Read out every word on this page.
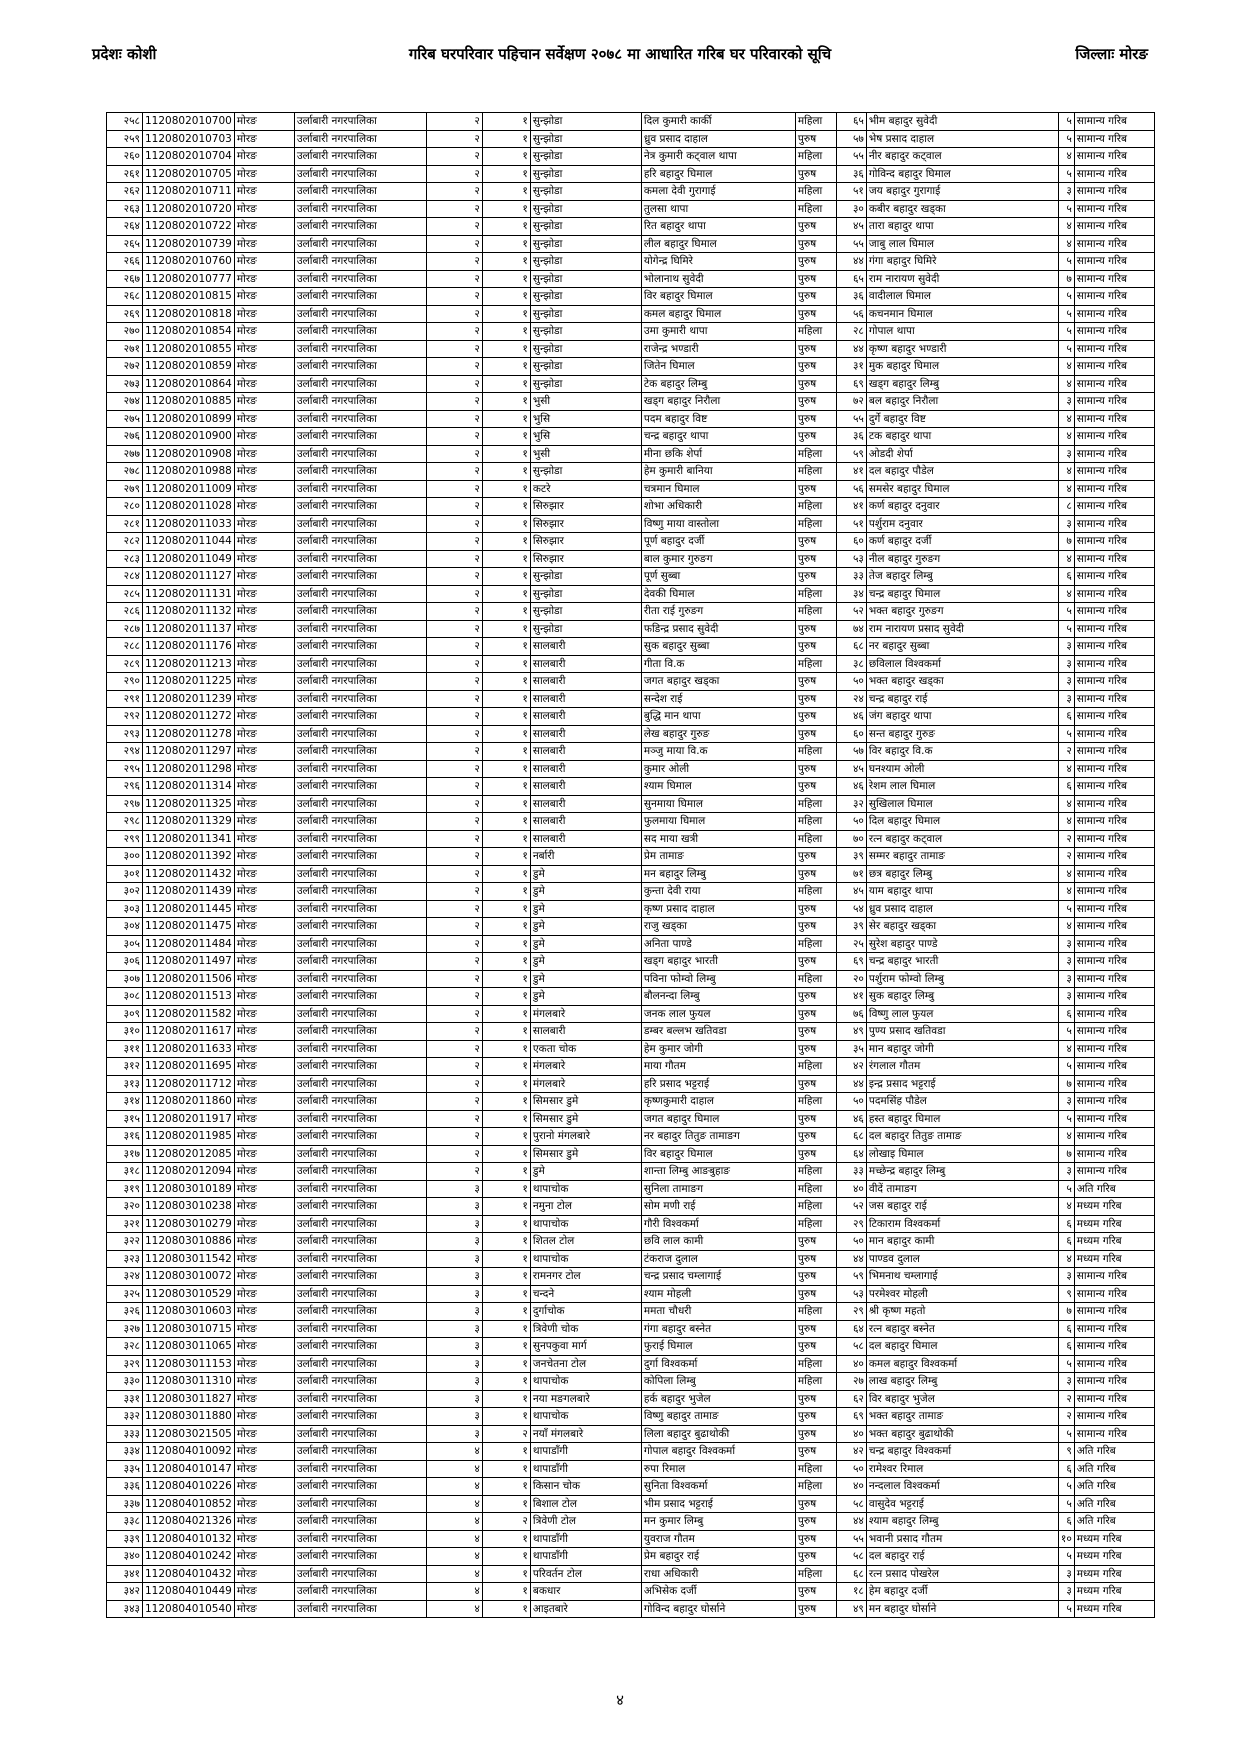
प्रदेशः कोशी	गरिब घरपरिवार पहिचान सर्वेक्षण २०७८ मा आधारित गरिब घर परिवारको सूचि	जिल्लाः मोरङ
२५८	1120802010700	मोरङ	उर्लाबारी नगरपालिका	२	१	सुन्झोडा	दिल कुमारी कार्की	महिला	६५	भीम बहादुर सुवेदी	५	सामान्य गरिब
२५९	1120802010703	मोरङ	उर्लाबारी नगरपालिका	२	१	सुन्झोडा	ध्रुव प्रसाद दाहाल	पुरुष	५७	भेष प्रसाद दाहाल	५	सामान्य गरिब
२६०	1120802010704	मोरङ	उर्लाबारी नगरपालिका	२	१	सुन्झोडा	नेत्र कुमारी कट्वाल थापा	महिला	५५	नीर बहादुर कट्वाल	४	सामान्य गरिब
२६१	1120802010705	मोरङ	उर्लाबारी नगरपालिका	२	१	सुन्झोडा	हरि बहादुर घिमाल	पुरुष	३६	गोविन्द बहादुर घिमाल	५	सामान्य गरिब
२६२	1120802010711	मोरङ	उर्लाबारी नगरपालिका	२	१	सुन्झोडा	कमला देवी गुरागाई	महिला	५१	जय बहादुर गुरागाई	३	सामान्य गरिब
२६३	1120802010720	मोरङ	उर्लाबारी नगरपालिका	२	१	सुन्झोडा	तुलसा थापा	महिला	३०	कबीर बहादुर खड्का	५	सामान्य गरिब
२६४	1120802010722	मोरङ	उर्लाबारी नगरपालिका	२	१	सुन्झोडा	रित बहादुर थापा	पुरुष	४५	तारा बहादुर थापा	४	सामान्य गरिब
२६५	1120802010739	मोरङ	उर्लाबारी नगरपालिका	२	१	सुन्झोडा	लील बहादुर घिमाल	पुरुष	५५	जाबु लाल घिमाल	४	सामान्य गरिब
२६६	1120802010760	मोरङ	उर्लाबारी नगरपालिका	२	१	सुन्झोडा	योगेन्द्र घिमिरे	पुरुष	४४	गंगा बहादुर घिमिरे	५	सामान्य गरिब
२६७	1120802010777	मोरङ	उर्लाबारी नगरपालिका	२	१	सुन्झोडा	भोलानाथ सुवेदी	पुरुष	६५	राम नारायण सुवेदी	७	सामान्य गरिब
२६८	1120802010815	मोरङ	उर्लाबारी नगरपालिका	२	१	सुन्झोडा	विर बहादुर घिमाल	पुरुष	३६	वादीलाल घिमाल	५	सामान्य गरिब
२६९	1120802010818	मोरङ	उर्लाबारी नगरपालिका	२	१	सुन्झोडा	कमल बहादुर घिमाल	पुरुष	५६	कचनमान घिमाल	५	सामान्य गरिब
२७०	1120802010854	मोरङ	उर्लाबारी नगरपालिका	२	१	सुन्झोडा	उमा कुमारी थापा	महिला	२८	गोपाल थापा	५	सामान्य गरिब
२७१	1120802010855	मोरङ	उर्लाबारी नगरपालिका	२	१	सुन्झोडा	राजेन्द्र भण्डारी	पुरुष	४४	कृष्ण बहादुर भण्डारी	५	सामान्य गरिब
२७२	1120802010859	मोरङ	उर्लाबारी नगरपालिका	२	१	सुन्झोडा	जितेन घिमाल	पुरुष	३१	मुक बहादुर घिमाल	४	सामान्य गरिब
२७३	1120802010864	मोरङ	उर्लाबारी नगरपालिका	२	१	सुन्झोडा	टेक बहादुर लिम्बु	पुरुष	६९	खड्ग बहादुर लिम्बु	४	सामान्य गरिब
२७४	1120802010885	मोरङ	उर्लाबारी नगरपालिका	२	१	भुसी	खड्ग बहादुर निरौला	पुरुष	७२	बल बहादुर निरौला	३	सामान्य गरिब
२७५	1120802010899	मोरङ	उर्लाबारी नगरपालिका	२	१	भुसि	पदम बहादुर विष्ट	पुरुष	५५	दुर्गे बहादुर विष्ट	४	सामान्य गरिब
२७६	1120802010900	मोरङ	उर्लाबारी नगरपालिका	२	१	भुसि	चन्द्र बहादुर थापा	पुरुष	३६	टक बहादुर थापा	४	सामान्य गरिब
२७७	1120802010908	मोरङ	उर्लाबारी नगरपालिका	२	१	भुसी	मीना छकि शेर्पा	महिला	५९	ओडदी शेर्पा	३	सामान्य गरिब
२७८	1120802010988	मोरङ	उर्लाबारी नगरपालिका	२	१	सुन्झोडा	हेम कुमारी बानिया	महिला	४१	दल बहादुर पौडेल	४	सामान्य गरिब
२७९	1120802011009	मोरङ	उर्लाबारी नगरपालिका	२	१	कटरे	चत्रमान घिमाल	पुरुष	५६	समसेर बहादुर घिमाल	४	सामान्य गरिब
२८०	1120802011028	मोरङ	उर्लाबारी नगरपालिका	२	१	सिरुझार	शोभा अधिकारी	महिला	४१	कर्ण बहादुर दनुवार	८	सामान्य गरिब
२८१	1120802011033	मोरङ	उर्लाबारी नगरपालिका	२	१	सिरुझार	विष्णु माया वास्तोला	महिला	५१	पर्शुराम दनुवार	३	सामान्य गरिब
२८२	1120802011044	मोरङ	उर्लाबारी नगरपालिका	२	१	सिरुझार	पूर्ण बहादुर दर्जी	पुरुष	६०	कर्ण बहादुर दर्जी	७	सामान्य गरिब
२८३	1120802011049	मोरङ	उर्लाबारी नगरपालिका	२	१	सिरुझार	बाल कुमार गुरुङग	पुरुष	५३	नील बहादुर गुरुङग	४	सामान्य गरिब
२८४	1120802011127	मोरङ	उर्लाबारी नगरपालिका	२	१	सुन्झोडा	पूर्ण सुब्बा	पुरुष	३३	तेज बहादुर लिम्बु	६	सामान्य गरिब
२८५	1120802011131	मोरङ	उर्लाबारी नगरपालिका	२	१	सुन्झोडा	देवकी घिमाल	महिला	३४	चन्द्र बहादुर घिमाल	४	सामान्य गरिब
२८६	1120802011132	मोरङ	उर्लाबारी नगरपालिका	२	१	सुन्झोडा	रीता राई गुरुङग	महिला	५२	भक्त बहादुर गुरुङग	५	सामान्य गरिब
२८७	1120802011137	मोरङ	उर्लाबारी नगरपालिका	२	१	सुन्झोडा	फडिन्द्र प्रसाद सुवेदी	पुरुष	७४	राम नारायण प्रसाद सुवेदी	५	सामान्य गरिब
२८८	1120802011176	मोरङ	उर्लाबारी नगरपालिका	२	१	सालबारी	सुक बहादुर सुब्बा	पुरुष	६८	नर बहादुर सुब्बा	३	सामान्य गरिब
२८९	1120802011213	मोरङ	उर्लाबारी नगरपालिका	२	१	सालबारी	गीता वि.क	महिला	३८	छविलाल विश्वकर्मा	३	सामान्य गरिब
२९०	1120802011225	मोरङ	उर्लाबारी नगरपालिका	२	१	सालबारी	जगत बहादुर खड्का	पुरुष	५०	भक्त बहादुर खड्का	३	सामान्य गरिब
२९१	1120802011239	मोरङ	उर्लाबारी नगरपालिका	२	१	सालबारी	सन्देश राई	पुरुष	२४	चन्द्र बहादुर राई	३	सामान्य गरिब
२९२	1120802011272	मोरङ	उर्लाबारी नगरपालिका	२	१	सालबारी	बुद्धि मान थापा	पुरुष	४६	जंग बहादुर थापा	६	सामान्य गरिब
२९३	1120802011278	मोरङ	उर्लाबारी नगरपालिका	२	१	सालबारी	लेख बहादुर गुरुङ	पुरुष	६०	सन्त बहादुर गुरुङ	५	सामान्य गरिब
२९४	1120802011297	मोरङ	उर्लाबारी नगरपालिका	२	१	सालबारी	मञ्जु माया वि.क	महिला	५७	विर बहादुर वि.क	२	सामान्य गरिब
२९५	1120802011298	मोरङ	उर्लाबारी नगरपालिका	२	१	सालबारी	कुमार ओली	पुरुष	४५	घनश्याम ओली	४	सामान्य गरिब
२९६	1120802011314	मोरङ	उर्लाबारी नगरपालिका	२	१	सालबारी	श्याम घिमाल	पुरुष	४६	रेशम लाल घिमाल	६	सामान्य गरिब
२९७	1120802011325	मोरङ	उर्लाबारी नगरपालिका	२	१	सालबारी	सुनमाया घिमाल	महिला	३२	सुखिलाल घिमाल	४	सामान्य गरिब
२९८	1120802011329	मोरङ	उर्लाबारी नगरपालिका	२	१	सालबारी	फुलमाया घिमाल	महिला	५०	दिल बहादुर घिमाल	४	सामान्य गरिब
२९९	1120802011341	मोरङ	उर्लाबारी नगरपालिका	२	१	सालबारी	सद माया खत्री	महिला	७०	रत्न बहादुर कट्वाल	२	सामान्य गरिब
३००	1120802011392	मोरङ	उर्लाबारी नगरपालिका	२	१	नर्बारी	प्रेम तामाङ	पुरुष	३९	सम्मर बहादुर तामाङ	२	सामान्य गरिब
३०१	1120802011432	मोरङ	उर्लाबारी नगरपालिका	२	१	डुमे	मन बहादुर लिम्बु	पुरुष	७१	छत्र बहादुर लिम्बु	४	सामान्य गरिब
३०२	1120802011439	मोरङ	उर्लाबारी नगरपालिका	२	१	डुमे	कुन्ता देवी राया	महिला	४५	याम बहादुर थापा	४	सामान्य गरिब
३०३	1120802011445	मोरङ	उर्लाबारी नगरपालिका	२	१	डुमे	कृष्ण प्रसाद दाहाल	पुरुष	५४	ध्रुव प्रसाद दाहाल	५	सामान्य गरिब
३०४	1120802011475	मोरङ	उर्लाबारी नगरपालिका	२	१	डुमे	राजु खड्का	पुरुष	३९	सेर बहादुर खड्का	४	सामान्य गरिब
३०५	1120802011484	मोरङ	उर्लाबारी नगरपालिका	२	१	डुमे	अनिता पाण्डे	महिला	२५	सुरेश बहादुर पाण्डे	३	सामान्य गरिब
३०६	1120802011497	मोरङ	उर्लाबारी नगरपालिका	२	१	डुमे	खड्ग बहादुर भारती	पुरुष	६९	चन्द्र बहादुर भारती	३	सामान्य गरिब
३०७	1120802011506	मोरङ	उर्लाबारी नगरपालिका	२	१	डुमे	पविना फोम्वो लिम्बु	महिला	२०	पर्शुराम फोम्वो लिम्बु	३	सामान्य गरिब
३०८	1120802011513	मोरङ	उर्लाबारी नगरपालिका	२	१	डुमे	बौलनन्दा लिम्बु	पुरुष	४१	सुक बहादुर लिम्बु	३	सामान्य गरिब
३०९	1120802011582	मोरङ	उर्लाबारी नगरपालिका	२	१	मंगलबारे	जनक लाल फुयल	पुरुष	७६	विष्णु लाल फुयल	६	सामान्य गरिब
३१०	1120802011617	मोरङ	उर्लाबारी नगरपालिका	२	१	सालबारी	डम्बर बल्लभ खतिवडा	पुरुष	४९	पुण्य प्रसाद खतिवडा	५	सामान्य गरिब
३११	1120802011633	मोरङ	उर्लाबारी नगरपालिका	२	१	एकता चोक	हेम कुमार जोगी	पुरुष	३५	मान बहादुर जोगी	४	सामान्य गरिब
३१२	1120802011695	मोरङ	उर्लाबारी नगरपालिका	२	१	मंगलबारे	माया गौतम	महिला	४२	रंगलाल गौतम	५	सामान्य गरिब
३१३	1120802011712	मोरङ	उर्लाबारी नगरपालिका	२	१	मंगलबारे	हरि प्रसाद भट्टराई	पुरुष	४४	इन्द्र प्रसाद भट्टराई	७	सामान्य गरिब
३१४	1120802011860	मोरङ	उर्लाबारी नगरपालिका	२	१	सिमसार डुमे	कृष्णकुमारी दाहाल	महिला	५०	पदमसिंह पौडेल	३	सामान्य गरिब
३१५	1120802011917	मोरङ	उर्लाबारी नगरपालिका	२	१	सिमसार डुमे	जगत बहादुर घिमाल	पुरुष	४६	हस्त बहादुर घिमाल	५	सामान्य गरिब
३१६	1120802011985	मोरङ	उर्लाबारी नगरपालिका	२	१	पुरानो मंगलबारे	नर बहादुर तितुङ तामाङग	पुरुष	६८	दल बहादुर तितुङ तामाङ	४	सामान्य गरिब
३१७	1120802012085	मोरङ	उर्लाबारी नगरपालिका	२	१	सिमसार डुमे	विर बहादुर घिमाल	पुरुष	६४	लोखाइ घिमाल	७	सामान्य गरिब
३१८	1120802012094	मोरङ	उर्लाबारी नगरपालिका	२	१	डुमे	शान्ता लिम्बु आङबुहाङ	महिला	३३	मच्छेन्द्र बहादुर लिम्बु	३	सामान्य गरिब
३१९	1120803010189	मोरङ	उर्लाबारी नगरपालिका	३	१	थापाचोक	सुनिला तामाङग	महिला	४०	वीदें तामाङग	५	अति गरिब
३२०	1120803010238	मोरङ	उर्लाबारी नगरपालिका	३	१	नमुना टोल	सोम मणी राई	महिला	५२	जस बहादुर राई	४	मध्यम गरिब
३२१	1120803010279	मोरङ	उर्लाबारी नगरपालिका	३	१	थापाचोक	गौरी विश्वकर्मा	महिला	२९	टिकाराम विश्वकर्मा	६	मध्यम गरिब
३२२	1120803010886	मोरङ	उर्लाबारी नगरपालिका	३	१	शितल टोल	छवि लाल कामी	पुरुष	५०	मान बहादुर कामी	६	मध्यम गरिब
३२३	1120803011542	मोरङ	उर्लाबारी नगरपालिका	३	१	थापाचोक	टंकराज दुलाल	पुरुष	४४	पाण्डव दुलाल	४	मध्यम गरिब
३२४	1120803010072	मोरङ	उर्लाबारी नगरपालिका	३	१	रामनगर टोल	चन्द्र प्रसाद चम्लागाई	पुरुष	५९	भिमनाथ चम्लागाई	३	सामान्य गरिब
३२५	1120803010529	मोरङ	उर्लाबारी नगरपालिका	३	१	चन्दने	श्याम मोहली	पुरुष	५३	परमेश्वर मोहली	९	सामान्य गरिब
३२६	1120803010603	मोरङ	उर्लाबारी नगरपालिका	३	१	दुर्गाचोक	ममता चौधरी	महिला	२९	श्री कृष्ण महतो	७	सामान्य गरिब
३२७	1120803010715	मोरङ	उर्लाबारी नगरपालिका	३	१	त्रिवेणी चोक	गंगा बहादुर बस्नेत	पुरुष	६४	रत्न बहादुर बस्नेत	६	सामान्य गरिब
३२८	1120803011065	मोरङ	उर्लाबारी नगरपालिका	३	१	सुनपकुवा मार्ग	फुराई घिमाल	पुरुष	५८	दल बहादुर घिमाल	६	सामान्य गरिब
३२९	1120803011153	मोरङ	उर्लाबारी नगरपालिका	३	१	जनचेतना टोल	दुर्गा विश्वकर्मा	महिला	४०	कमल बहादुर विश्वकर्मा	५	सामान्य गरिब
३३०	1120803011310	मोरङ	उर्लाबारी नगरपालिका	३	१	थापाचोक	कोपिला लिम्बु	महिला	२७	लाख बहादुर लिम्बु	३	सामान्य गरिब
३३१	1120803011827	मोरङ	उर्लाबारी नगरपालिका	३	१	नया मङगलबारे	हर्क बहादुर भुजेल	पुरुष	६२	विर बहादुर भुजेल	२	सामान्य गरिब
३३२	1120803011880	मोरङ	उर्लाबारी नगरपालिका	३	१	थापाचोक	विष्णु बहादुर तामाङ	पुरुष	६९	भक्त बहादुर तामाङ	२	सामान्य गरिब
३३३	1120803021505	मोरङ	उर्लाबारी नगरपालिका	३	२	नयाँ मंगलबारे	लिला बहादुर बुढाथोकी	पुरुष	४०	भक्त बहादुर बुढाथोकी	५	सामान्य गरिब
३३४	1120804010092	मोरङ	उर्लाबारी नगरपालिका	४	१	थापाडाँगी	गोपाल बहादुर विश्वकर्मा	पुरुष	४२	चन्द्र बहादुर विश्वकर्मा	९	अति गरिब
३३५	1120804010147	मोरङ	उर्लाबारी नगरपालिका	४	१	थापाडाँगी	रुपा रिमाल	महिला	५०	रामेश्वर रिमाल	६	अति गरिब
३३६	1120804010226	मोरङ	उर्लाबारी नगरपालिका	४	१	किसान चोक	सुनिता विश्वकर्मा	महिला	४०	नन्दलाल विश्वकर्मा	५	अति गरिब
३३७	1120804010852	मोरङ	उर्लाबारी नगरपालिका	४	१	बिशाल टोल	भीम प्रसाद भट्टराई	पुरुष	५८	वासुदेव भट्टराई	५	अति गरिब
३३८	1120804021326	मोरङ	उर्लाबारी नगरपालिका	४	२	त्रिवेणी टोल	मन कुमार लिम्बु	पुरुष	४४	श्याम बहादुर लिम्बु	६	अति गरिब
३३९	1120804010132	मोरङ	उर्लाबारी नगरपालिका	४	१	थापाडाँगी	युवराज गौतम	पुरुष	५५	भवानी प्रसाद गौतम	१०	मध्यम गरिब
३४०	1120804010242	मोरङ	उर्लाबारी नगरपालिका	४	१	थापाडाँगी	प्रेम बहादुर राई	पुरुष	५८	दल बहादुर राई	५	मध्यम गरिब
३४१	1120804010432	मोरङ	उर्लाबारी नगरपालिका	४	१	परिवर्तन टोल	राधा अधिकारी	महिला	६८	रत्न प्रसाद पोखरेल	३	मध्यम गरिब
३४२	1120804010449	मोरङ	उर्लाबारी नगरपालिका	४	१	बकधार	अभिसेक दर्जी	पुरुष	१८	हेम बहादुर दर्जी	३	मध्यम गरिब
३४३	1120804010540	मोरङ	उर्लाबारी नगरपालिका	४	१	आइतबारे	गोविन्द बहादुर घोर्साने	पुरुष	४९	मन बहादुर घोर्साने	५	मध्यम गरिब
४
